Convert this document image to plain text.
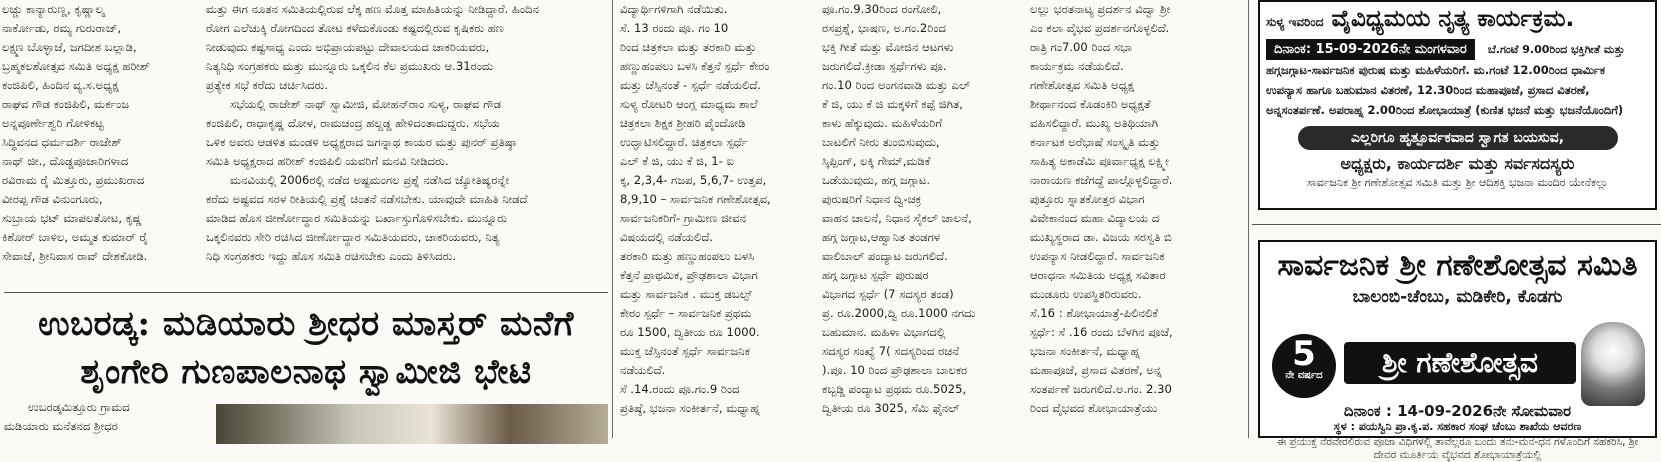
ಲಚ್ಚು ಕಾನ್ಯಾರುಣ್ಣ, ಕೃಷ್ಣಾಲ್ಮ

ನಾರ್ಕೋಡು, ರಮ್ಯ ಗುರುರಾಜ್,

ಲಕ್ಷ್ಮಣ ಬೊಳ್ಳಾಜೆ, ಜಗದೀಶ ಬಲ್ಲಾಡಿ,

ಬ್ರಹ್ಮಕಲಶೋತ್ಸವ ಸಮಿತಿ ಅಧ್ಯಕ್ಷ ಹರೀಶ್

ಕಂಜಿಪಿಲಿ, ಹಿಂದಿನ ವ್ಯ.ಸ.ಅಧ್ಯಕ್ಷ

ರಾಘವ ಗೌಡ ಕಂಜಿಪಿಲಿ, ಮರ್ಕಂಜ

ಅನ್ನಪೂರ್ಣೇಶ್ವರಿ ಗೋಳಿಕಟ್ಟ

ಸಿದ್ಧಿವನದ ಧರ್ಮದರ್ಶಿ ರಾಜೇಶ್

ನಾಥ್ ಜೀ., ದೊಡ್ಡಪೂಜಾರಿಗಳಾದ

ರವಿರಾಮ ರೈ ಮಿತ್ತೂರು, ಪ್ರಮುಖರಾದ

ವೀರಪ್ಪ ಗೌಡ ವಿನುಂಗೂರು,

ಸುಬ್ರಾಯ ಭಟ್ ಮಾಪಲತೋಟ, ಕೃಷ್ಣ

ಕಿಶೋರ್ ಬಾಳಿಲ, ಅಮ್ಮತ ಕುಮಾರ್ ರೈ

ಸೇವಾಜೆ, ಶ್ರೀನಿವಾಸ ರಾವ್ ದೇಶಕೋಡಿ.

ಮತ್ತು ಈಗ ನೂತನ ಸಮಿತಿಯಲ್ಲಿರುವ ಲೆಕ್ಕ ಹಣ ಮೊತ್ತ ಮಾಹಿತಿಯನ್ನು ನೀಡಿದ್ದಾರೆ. ಹಿಂದಿನ

ರೋಗ ಎಲೆಚುಕ್ಕಿ ರೋಗದಿಂದ ತೋಟ ಕಳೆದುಕೊಂಡು ಕಷ್ಟದಲ್ಲಿರುವ ಕೃಷಿಕರು ಹಣ

ನೀಡುವುದು ಕಷ್ಟಸಾಧ್ಯ ಎಂದು ಅಭಿಪ್ರಾಯಪಟ್ಟು ದೇವಾಲಯದ ಚಾಕರಿಯವರು,

ನಿತ್ಯನಿಧಿ ಸಂಗ್ರಹಕರು ಮತ್ತು ಮುನ್ನೂರು ಒಕ್ಕಲಿನ ಕೆಲ ಪ್ರಮುಖರು ಆ.31ರಂದು

ಪ್ರತ್ಯೇಕ ಸಭೆ ಕರೆದು ಚರ್ಚಿಸಿದರು.

ಸಭೆಯಲ್ಲಿ ರಾಜೇಶ್ ನಾಥ್ ಸ್ವಾಮೀಜಿ, ಮೋಹನ್‌ರಾಂ ಸುಳ್ಯ, ರಾಘವ ಗೌಡ

ಕಂಜಿಪಿಲಿ, ರಾಧಾಕೃಷ್ಣ ದೋಳ, ರಾಮಚಂದ್ರ ಹಲ್ದಡ್ಡ ಹೇಳಿದಂತಾದುದ್ದರು. ಸಭೆಯ

ಒಳಿಕ ಅವರು ಆಡಳಿತ ಮಂಡಳಿ ಅಧ್ಯಕ್ಷರಾದ ಜಗನ್ನಾಥ ಕಾಯರ ಮತ್ತು ಪುನರ್ ಪ್ರತಿಷ್ಠಾ

ಸಮಿತಿ ಅಧ್ಯಕ್ಷರಾದ ಹರೀಶ್ ಕಂಜಿಪಿಲಿ ಯವರಿಗೆ ಮನವಿ ನೀಡಿದರು.

ಮನವಿಯಲ್ಲಿ 2006ರಲ್ಲಿ ನಡೆದ ಅಷ್ಟಮಂಗಲ ಪ್ರಶ್ನೆ ನಡೆಸಿದ ಜ್ಯೋತಿಷ್ಯರನ್ನೇ

ಕರೆದು ಅಷ್ಟವದ ಸರಳ ರೀತಿಯಲ್ಲಿ ಪ್ರಶ್ನೆ ಚಿಂತನೆ ನಡೆಸಬೇಕು. ಯಾವುದೇ ಮಾಹಿತಿ ನೀಡದೆ

ಮಾಡಿದ ಹೊಸ ಜೀರ್ಣೋದ್ಧಾರ ಸಮಿತಿಯನ್ನು ಬರ್ಖಾಸ್ತುಗೊಳಿಸಬೇಕು. ಮುನ್ನೂರು

ಒಕ್ಕಲಿನವರು ಸೇರಿ ರಚಿಸಿದ ಜೀರ್ಣೋದ್ಧಾರ ಸಮಿತಿಯವರು, ಚಾಕರಿಯವರು, ನಿತ್ಯ

ನಿಧಿ ಸಂಗ್ರಹಕರು ಇದ್ದು ಹೊಸ ಸಮಿತಿ ರಚಿಸಬೇಕು ಎಂದು ತಿಳಿಸಿದರು.

ಉಬರಡ್ಕ: ಮಡಿಯಾರು ಶ್ರೀಧರ ಮಾಸ್ತರ್ ಮನೆಗೆ
ಶೃಂಗೇರಿ ಗುಣಪಾಲನಾಥ ಸ್ವಾಮೀಜಿ ಭೇಟಿ

ಉಬರಡ್ಕಮಿತ್ತೂರು ಗ್ರಾಮದ

ಮಡಿಯಾರು ಮನೆತನದ ಶ್ರೀಧರ

ವಿದ್ಯಾರ್ಥಿಗಳಿಗಾಗಿ ನಡೆಯಿತು.

ಸೆ. 13 ರಂದು ಪೂ. ಗಂ 10

ರಿಂದ ಚಿತ್ರಕಲಾ ಮತ್ತು ತರಕಾರಿ ಮತ್ತು

ಹಣ್ಣುಹಂಪಲು ಬಳಸಿ ಕೆತ್ತನೆ ಸ್ಪರ್ಧೆ ಕೇರಂ

ಮತ್ತು ಚೆಸ್ಸಿನಂತೆ - ಸ್ಪರ್ಧೆ ನಡೆಯಲಿದೆ.

ಸುಳ್ಯ ರೋಟರಿ ಆಂಗ್ಲ ಮಾಧ್ಯಮ ಶಾಲೆ

ಚಿತ್ರಕಲಾ ಶಿಕ್ಷಕ ಶ್ರೀಹರಿ ಪೈಂದೋಡಿ

ಉದ್ಘಾಟಿಸಲಿದ್ದಾರೆ. ಚಿತ್ರಕಲಾ ಸ್ಪರ್ಧೆ

ಎಲ್ ಕೆ ಜಿ, ಯು ಕೆ ಜಿ, 1- ಐ

ಕ್ಕ, 2,3,4- ಗಜಪ, 5,6,7- ಉತ್ತಪ,

8,9,10 – ಸಾರ್ವಜನಿಕ ಗಣೇಶೋತ್ಸವ,

ಸಾರ್ವಜನಿಕರಿಗೆ- ಗ್ರಾಮೀಣ ಜೀವನ

ವಿಷಯದಲ್ಲಿ ನಡೆಯಲಿದೆ.

ತರಕಾರಿ ಮತ್ತು ಹಣ್ಣುಹಂಪಲು ಬಳಸಿ

ಕೆತ್ತನೆ ಪ್ರಾಥಮಿಕ, ಪ್ರೌಢಶಾಲಾ ವಿಭಾಗ

ಮತ್ತು ಸಾರ್ವಜನಿಕ . ಮುಕ್ತ ಡಬಲ್ಸ್

ಕೇರಂ ಸ್ಪರ್ಧೆ – ಸಾರ್ವಜನಿಕ ಪ್ರಥಮ

ರೂ 1500, ದ್ವಿತೀಯ ರೂ 1000.

ಮುಕ್ತ ಚೆಸ್ಸಿನಂತೆ ಸ್ಪರ್ಧೆ ಸಾರ್ವಜನಿಕ

ನಡೆಯಲಿದೆ.

ಸೆ .14.ರಂದು ಪೂ.ಗಂ.9 ರಿಂದ

ಪ್ರತಿಷ್ಠೆ, ಭಜನಾ ಸಂಕೀರ್ತನೆ, ಮಧ್ಯಾಹ್ನ

ಪೂ.ಗಂ.9.30ರಿಂದ ರಂಗೋಲಿ,

ರಸಪ್ರಶ್ನೆ, ಭಾಷಣ, ಅ.ಗಂ.2ರಿಂದ

ಭಕ್ತಿ ಗೀತೆ ಮತ್ತು ಮೋಜಿನ ಆಟಗಳು

ಜರುಗಲಿದೆ.ಕ್ರೀಡಾ ಸ್ಪರ್ಧೆಗಳು ಪೂ.

ಗಂ.10 ರಿಂದ ಅಂಗನವಾಡಿ ಮತ್ತು ಎಲ್

ಕೆ ಜಿ, ಯು ಕೆ ಜಿ ಮಕ್ಕಳಿಗೆ ಕಪ್ಪೆ ಜಿಗಿತ,

ಕಾಳು ಹೆಕ್ಕುವುದು. ಮಹಿಳೆಯರಿಗೆ

ಬಾಟಲಿಗೆ ನೀರು ತುಂಬಿಸುವುದು,

ಸ್ಕಿಪ್ಪಿಂಗ್, ಲಕ್ಕಿ ಗೇಮ್,ಮಡಿಕೆ

ಒಡೆಯುವುದು, ಹಗ್ಗ ಜಗ್ಗಾಟ.

ಪುರುಷರಿಗೆ ನಿಧಾನ ದ್ವಿ-ಚಕ್ರ

ವಾಹನ ಚಾಲನೆ, ನಿಧಾನ ಸೈಕಲ್ ಚಾಲನೆ,

ಹಗ್ಗ ಜಗ್ಗಾಟ,ಆಹ್ವಾನಿತ ತಂಡಗಳ

ವಾಲಿಬಾಲ್ ಪಂದ್ಯಾಟ ಜರುಗಲಿದೆ.

ಹಗ್ಗ ಜಗ್ಗಾಟ ಸ್ಪರ್ಧೆ ಪುರುಷರ

ವಿಭಾಗದ ಸ್ಪರ್ಧೆ (7 ಸದಸ್ಯರ ತಂಡ)

ಪ್ರ. ರೂ.2000,ದ್ವಿ ರೂ.1000 ನಗದು

ಬಹುಮಾನ. ಮಹಿಳಾ ವಿಭಾಗದಲ್ಲಿ

ಸದಸ್ಯರ ಸಂಖ್ಯೆ 7( ಸದಸ್ಯರಿಂದ ರಚನೆ

).ಪೂ. 10 ರಿಂದ ಪ್ರೌಢಶಾಲಾ ಬಾಲಕರ

ಕಬ್ಬಡ್ಡಿ ಪಂದ್ಯಾಟ ಪ್ರಥಮ ರೂ.5025,

ದ್ವಿತೀಯ ರೂ 3025, ಸೆಮಿ ಫೈನಲ್

ಲಲ್ಲು ಭರತನಾಟ್ಯ ಪ್ರದರ್ಶನ ವಿದ್ವಾ ಶ್ರೀ

ಎಂ ಕಲಾ ವೈಭವ ಪ್ರದರ್ಶನಗೊಳ್ಳಲಿದೆ.

ರಾತ್ರಿ ಗಂ7.00 ರಿಂದ ಸಭಾ

ಕಾರ್ಯಕ್ರಮ ನಡೆಯಲಿದೆ.

ಗಣೇಶೋತ್ಸವ ಸಮಿತಿ ಅಧ್ಯಕ್ಷ

ಶೀರ್ಥಾನಂದ ಕೊಡಂಕಿರಿ ಅಧ್ಯಕ್ಷತೆ

ವಹಿಸಲಿದ್ದಾರೆ. ಮುಖ್ಯ ಅತಿಥಿಯಾಗಿ

ಕರ್ನಾಟಕ ಅರೆಭಾಷೆ ಸಂಸ್ಕೃತಿ ಮತ್ತು

ಸಾಹಿತ್ಯ ಅಕಾಡೆಮಿ ಪೂರ್ವಾಧ್ಯಕ್ಷ ಲಕ್ಷ್ಮೀ

ನಾರಾಯಣ ಕಜೆಗದ್ದೆ ಪಾಲ್ಗೊಳ್ಳಲಿದ್ದಾರೆ.

ಪುತ್ತೂರು ಸ್ನಾತಕೋತ್ತರ ವಿಭಾಗ

ವಿವೇಕಾನಂದ ಮಹಾ ವಿದ್ಯಾಲಯ ದ

ಮುಖ್ಯಸ್ಥರಾದ ಡಾ. ವಿಜಯ ಸರಸ್ವತಿ ಬಿ

ಉಪನ್ಯಾಸ ನೀಡಲಿದ್ದಾರೆ. ಸಾರ್ವಜನಿಕ

ಆರಾಧನಾ ಸಮಿತಿಯ ಅಧ್ಯಕ್ಷ ಸವಿತಾರ

ಮುಡೂರು ಉಪಸ್ಥಿತರಿರುವರು.

ಸೆ.16 : ಶೋಭಾಯಾತ್ರೆ-ಪಿಲಿನಲಿಕೆ

ಸ್ಪರ್ಧೆ: ಸೆ .16 ರಂದು ಬೆಳಗಿನ ಪೂಜೆ,

ಭಜನಾ ಸಂಕೀರ್ತನೆ, ಮಧ್ಯಾಹ್ನ

ಮಹಾಪೂಜೆ, ಪ್ರಸಾದ ವಿತರಣೆ, ಅನ್ನ

ಸಂತರ್ಪಣೆ ಜರುಗಲಿದೆ.ಅ.ಗಂ. 2.30

ರಿಂದ ವೈಭವದ ಶೋಭಾಯಾತ್ರೆಯು

ಸುಳ್ಯ ಇವರಿಂದ ವೈವಿಧ್ಯಮಯ ನೃತ್ಯ ಕಾರ್ಯಕ್ರಮ.
ದಿನಾಂಕ: 15-09-2026ನೇ ಮಂಗಳವಾರ ಬೆ.ಗಂಟೆ 9.00ರಿಂದ ಭಕ್ತಿಗೀತೆ ಮತ್ತು
ಹಗ್ಗಜಗ್ಗಾಟ-ಸಾರ್ವಜನಿಕ ಪುರುಷ ಮತ್ತು ಮಹಿಳೆಯರಿಗೆ. ಮ.ಗಂಟೆ 12.00ರಿಂದ ಧಾರ್ಮಿಕ
ಉಪನ್ಯಾಸ ಹಾಗೂ ಬಹುಮಾನ ವಿತರಣೆ, 12.30ರಿಂದ ಮಹಾಪೂಜೆ, ಪ್ರಸಾದ ವಿತರಣೆ,
ಅನ್ನಸಂತರ್ಪಣೆ. ಅಪರಾಹ್ನ 2.00ರಿಂದ ಶೋಭಾಯಾತ್ರೆ (ಕುಣಿತ ಭಜನೆ ಮತ್ತು ಭಜನೆಯೊಂದಿಗೆ)
ಎಲ್ಲರಿಗೂ ಹೃತ್ಪೂರ್ವಕವಾದ ಸ್ವಾಗತ ಬಯಸುವ,
ಅಧ್ಯಕ್ಷರು, ಕಾರ್ಯದರ್ಶಿ ಮತ್ತು ಸರ್ವಸದಸ್ಯರು
ಸಾರ್ವಜನಿಕ ಶ್ರೀ ಗಣೇಶೋತ್ಸವ ಸಮಿತಿ ಮತ್ತು ಶ್ರೀ ಆದಿಶಕ್ತಿ ಭಜನಾ ಮಂದಿರ ಯೇನೆಕಲ್ಲು
ಸಾರ್ವಜನಿಕ ಶ್ರೀ ಗಣೇಶೋತ್ಸವ ಸಮಿತಿ
ಬಾಲಂಬಿ-ಚೆಂಬು, ಮಡಿಕೇರಿ, ಕೊಡಗು
5
ನೇ ವರ್ಷದ	ಶ್ರೀ ಗಣೇಶೋತ್ಸವ
ದಿನಾಂಕ : 14-09-2026ನೇ ಸೋಮವಾರ
ಸ್ಥಳ : ಪಯಸ್ವಿನಿ ಪ್ರಾ.ಕೃ.ಪ. ಸಹಕಾರ ಸಂಘ ಚೆಂಬು ಶಾಖೆಯ ಆವರಣ
ಈ ಪ್ರಯುಕ್ತ ನೆರವೇರಲಿರುವ ಪೂಜಾ ವಿಧಿಗಳಲ್ಲಿ ತಾವೆಲ್ಲರೂ ಬಂದು ತನು-ಮನ-ಧನ ಗಳೊಂದಿಗೆ ಸಹಕರಿಸಿ, ಶ್ರೀ ದೇವರ ಮೂರ್ತಿಯ ವೈಭವದ ಶೋಭಾಯಾತ್ರೆಯಲ್ಲಿ
